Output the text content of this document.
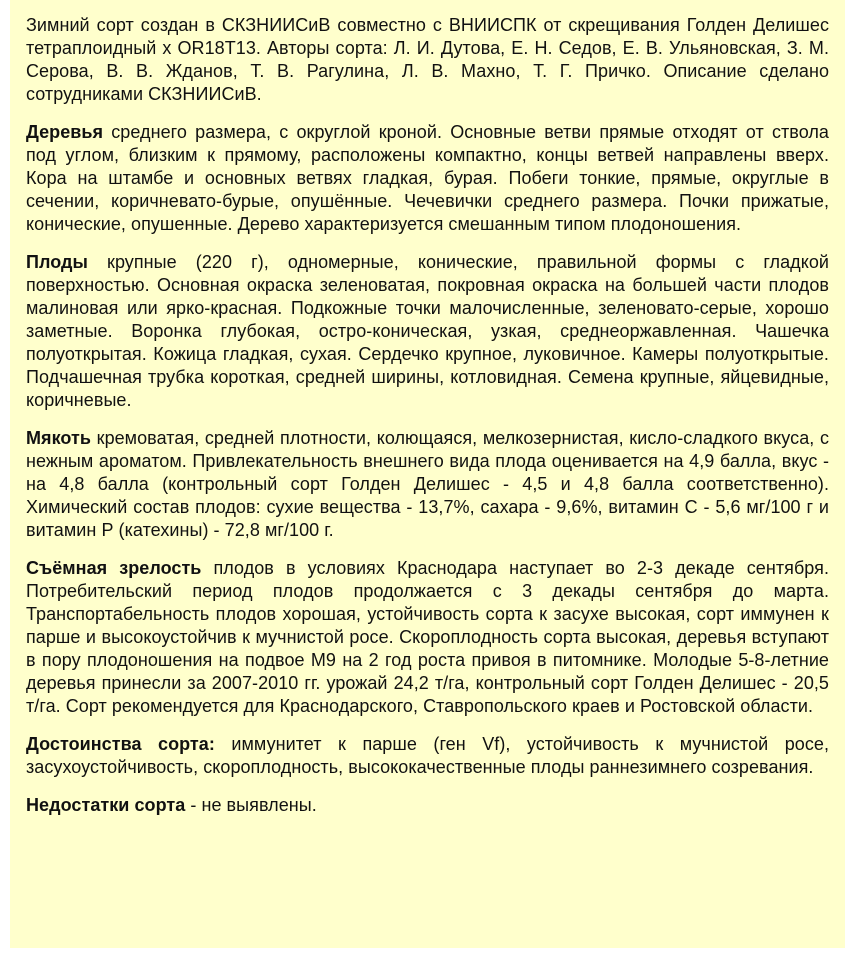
Зимний сорт создан в СКЗНИИСиВ совместно с ВНИИСПК от скрещивания Голден Делишес тетраплоидный х OR18T13. Авторы сорта: Л. И. Дутова, Е. Н. Седов, Е. В. Ульяновская, З. М. Серова, В. В. Жданов, Т. В. Рагулина, Л. В. Махно, Т. Г. Причко. Описание сделано сотрудниками СКЗНИИСиВ.

Деревья среднего размера, с округлой кроной. Основные ветви прямые отходят от ствола под углом, близким к прямому, расположены компактно, концы ветвей направлены вверх. Кора на штамбе и основных ветвях гладкая, бурая. Побеги тонкие, прямые, округлые в сечении, коричневато-бурые, опушённые. Чечевички среднего размера. Почки прижатые, конические, опушенные. Дерево характеризуется смешанным типом плодоношения.

Плоды крупные (220 г), одномерные, конические, правильной формы с гладкой поверхностью. Основная окраска зеленоватая, покровная окраска на большей части плодов малиновая или ярко-красная. Подкожные точки малочисленные, зеленовато-серые, хорошо заметные. Воронка глубокая, остро-коническая, узкая, среднеоржавленная. Чашечка полуоткрытая. Кожица гладкая, сухая. Сердечко крупное, луковичное. Камеры полуоткрытые. Подчашечная трубка короткая, средней ширины, котловидная. Семена крупные, яйцевидные, коричневые.

Мякоть кремоватая, средней плотности, колющаяся, мелкозернистая, кисло-сладкого вкуса, с нежным ароматом. Привлекательность внешнего вида плода оценивается на 4,9 балла, вкус - на 4,8 балла (контрольный сорт Голден Делишес - 4,5 и 4,8 балла соответственно). Химический состав плодов: сухие вещества - 13,7%, сахара - 9,6%, витамин С - 5,6 мг/100 г и витамин Р (катехины) - 72,8 мг/100 г.

Съёмная зрелость плодов в условиях Краснодара наступает во 2-3 декаде сентября. Потребительский период плодов продолжается с 3 декады сентября до марта. Транспортабельность плодов хорошая, устойчивость сорта к засухе высокая, сорт иммунен к парше и высокоустойчив к мучнистой росе. Скороплодность сорта высокая, деревья вступают в пору плодоношения на подвое М9 на 2 год роста привоя в питомнике. Молодые 5-8-летние деревья принесли за 2007-2010 гг. урожай 24,2 т/га, контрольный сорт Голден Делишес - 20,5 т/га. Сорт рекомендуется для Краснодарского, Ставропольского краев и Ростовской области.

Достоинства сорта: иммунитет к парше (ген Vf), устойчивость к мучнистой росе, засухоустойчивость, скороплодность, высококачественные плоды раннезимнего созревания.

Недостатки сорта - не выявлены.
